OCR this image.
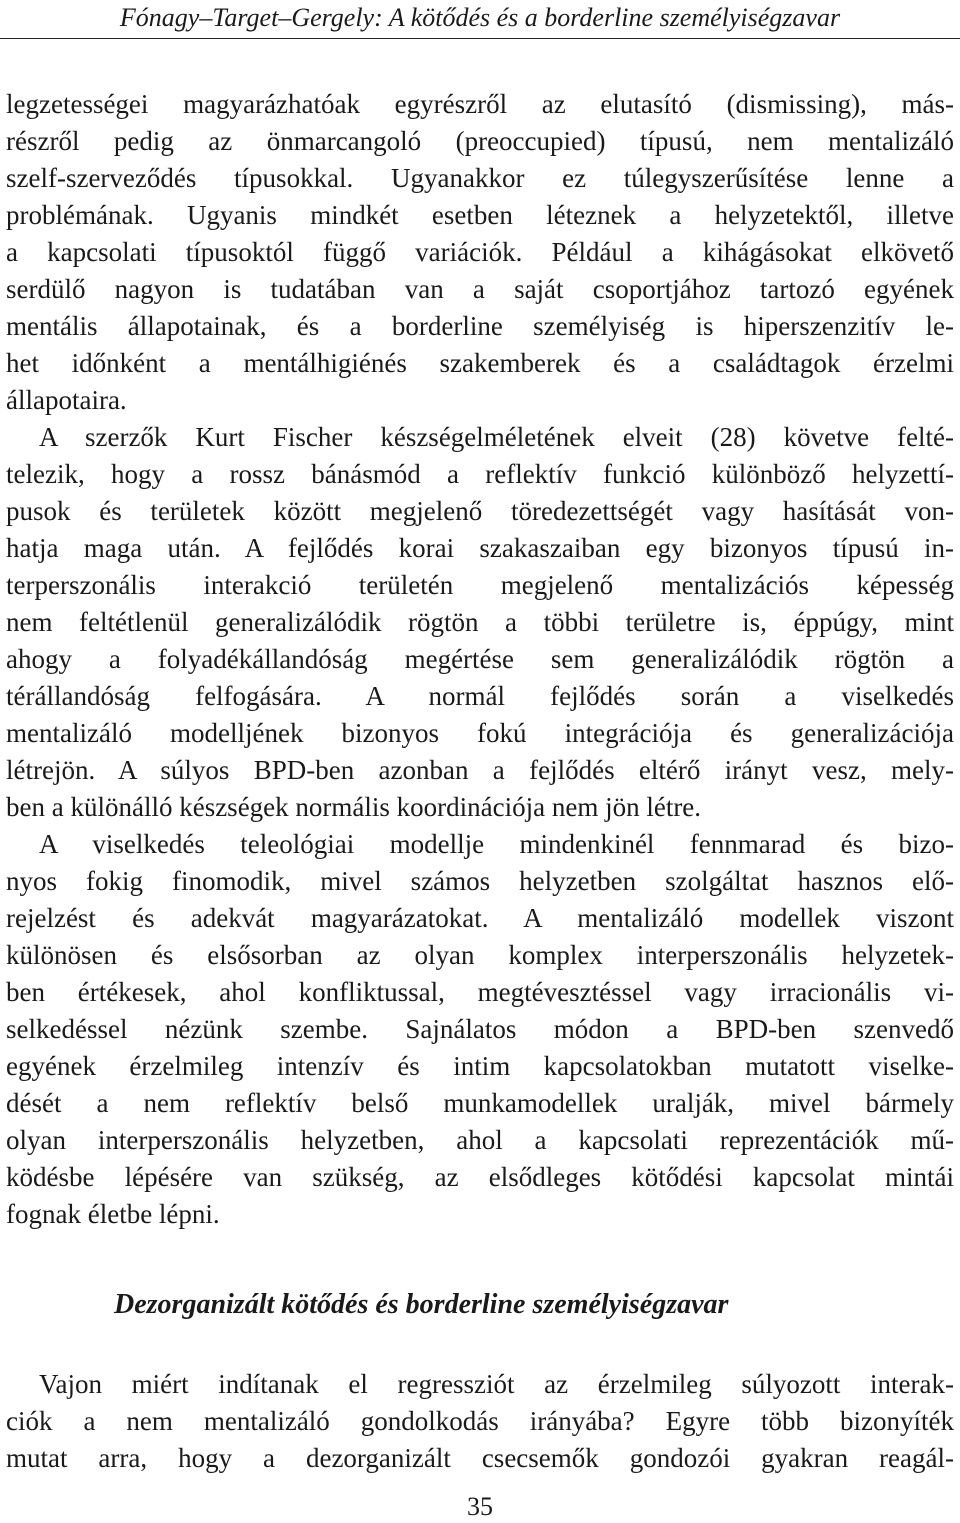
Fónagy–Target–Gergely: A kötődés és a borderline személyiségzavar
legzetességei magyarázhatóak egyrészről az elutasító (dismissing), más-
részről pedig az önmarcangoló (preoccupied) típusú, nem mentalizáló
szelf-szerveződés típusokkal. Ugyanakkor ez túlegyszerűsítése lenne a
problémának. Ugyanis mindkét esetben léteznek a helyzetektől, illetve
a kapcsolati típusoktól függő variációk. Például a kihágásokat elkövető
serdülő nagyon is tudatában van a saját csoportjához tartozó egyének
mentális állapotainak, és a borderline személyiség is hiperszenzitív le-
het időnként a mentálhigiénés szakemberek és a családtagok érzelmi
állapotaira.
A szerzők Kurt Fischer készségelméletének elveit (28) követve felté-
telezik, hogy a rossz bánásmód a reflektív funkció különböző helyzettí-
pusok és területek között megjelenő töredezettségét vagy hasítását von-
hatja maga után. A fejlődés korai szakaszaiban egy bizonyos típusú in-
terperszonális interakció területén megjelenő mentalizációs képesség
nem feltétlenül generalizálódik rögtön a többi területre is, éppúgy, mint
ahogy a folyadékállandóság megértése sem generalizálódik rögtön a
térállandóság felfogására. A normál fejlődés során a viselkedés
mentalizáló modelljének bizonyos fokú integrációja és generalizációja
létrejön. A súlyos BPD-ben azonban a fejlődés eltérő irányt vesz, mely-
ben a különálló készségek normális koordinációja nem jön létre.
A viselkedés teleológiai modellje mindenkinél fennmarad és bizo-
nyos fokig finomodik, mivel számos helyzetben szolgáltat hasznos elő-
rejelzést és adekvát magyarázatokat. A mentalizáló modellek viszont
különösen és elsősorban az olyan komplex interperszonális helyzetek-
ben értékesek, ahol konfliktussal, megtévesztéssel vagy irracionális vi-
selkedéssel nézünk szembe. Sajnálatos módon a BPD-ben szenvedő
egyének érzelmileg intenzív és intim kapcsolatokban mutatott viselke-
dését a nem reflektív belső munkamodellek uralják, mivel bármely
olyan interperszonális helyzetben, ahol a kapcsolati reprezentációk mű-
ködésbe lépésére van szükség, az elsődleges kötődési kapcsolat mintái
fognak életbe lépni.
Dezorganizált kötődés és borderline személyiségzavar
Vajon miért indítanak el regressziót az érzelmileg súlyozott interak-
ciók a nem mentalizáló gondolkodás irányába? Egyre több bizonyíték
mutat arra, hogy a dezorganizált csecsemők gondozói gyakran reagál-
35
